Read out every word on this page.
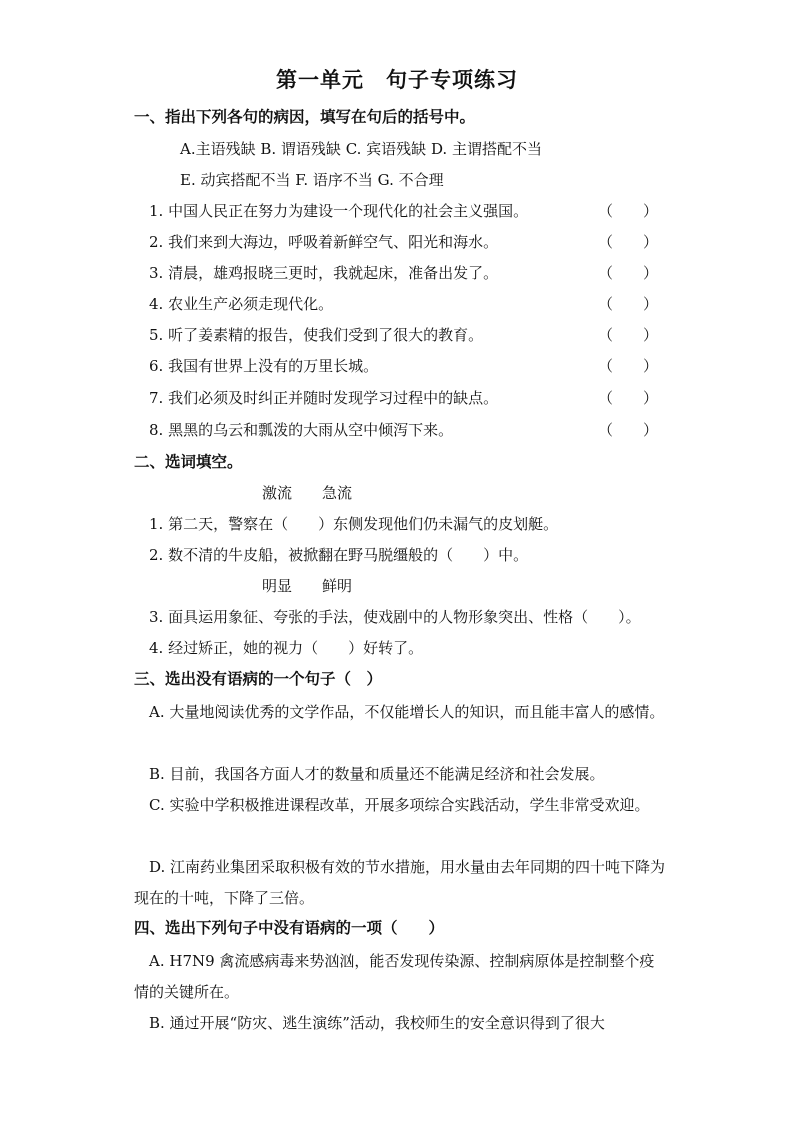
第一单元　句子专项练习
一、指出下列各句的病因，填写在句后的括号中。
A.主语残缺 B. 谓语残缺 C. 宾语残缺 D. 主谓搭配不当
E. 动宾搭配不当 F. 语序不当 G. 不合理
1. 中国人民正在努力为建设一个现代化的社会主义强国。	（　　）
2. 我们来到大海边，呼吸着新鲜空气、阳光和海水。	（　　）
3. 清晨，雄鸡报晓三更时，我就起床，准备出发了。	（　　）
4. 农业生产必须走现代化。	（　　）
5. 听了姜素精的报告，使我们受到了很大的教育。	（　　）
6. 我国有世界上没有的万里长城。	（　　）
7. 我们必须及时纠正并随时发现学习过程中的缺点。	（　　）
8. 黑黑的乌云和瓢泼的大雨从空中倾泻下来。	（　　）
二、选词填空。
激流　　急流
1. 第二天，警察在（　　）东侧发现他们仍未漏气的皮划艇。
2. 数不清的牛皮船，被掀翻在野马脱缰般的（　　）中。
明显　　鲜明
3. 面具运用象征、夸张的手法，使戏剧中的人物形象突出、性格（　　）。
4. 经过矫正，她的视力（　　）好转了。
三、选出没有语病的一个句子（　）
A. 大量地阅读优秀的文学作品，不仅能增长人的知识，而且能丰富人的感情。
B. 目前，我国各方面人才的数量和质量还不能满足经济和社会发展。
C. 实验中学积极推进课程改革，开展多项综合实践活动，学生非常受欢迎。
D. 江南药业集团采取积极有效的节水措施，用水量由去年同期的四十吨下降为现在的十吨，下降了三倍。
四、选出下列句子中没有语病的一项（　　）
A. H7N9 禽流感病毒来势汹汹，能否发现传染源、控制病原体是控制整个疫情的关键所在。
B. 通过开展“防灾、逃生演练”活动，我校师生的安全意识得到了很大
